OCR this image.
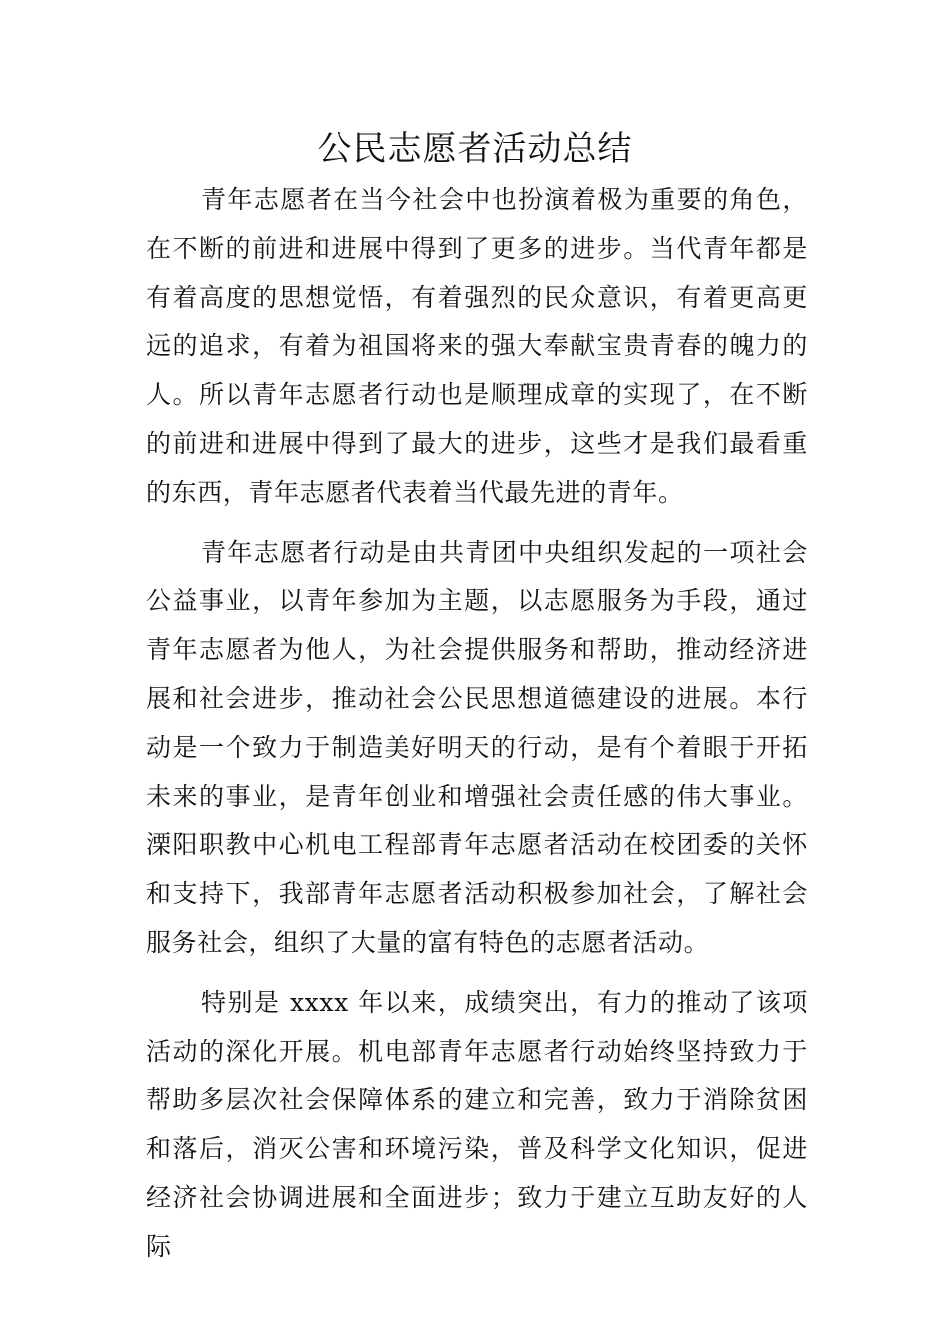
公民志愿者活动总结

青年志愿者在当今社会中也扮演着极为重要的角色，在不断的前进和进展中得到了更多的进步。当代青年都是有着高度的思想觉悟，有着强烈的民众意识，有着更高更远的追求，有着为祖国将来的强大奉献宝贵青春的魄力的人。所以青年志愿者行动也是顺理成章的实现了，在不断的前进和进展中得到了最大的进步，这些才是我们最看重的东西，青年志愿者代表着当代最先进的青年。

青年志愿者行动是由共青团中央组织发起的一项社会公益事业，以青年参加为主题，以志愿服务为手段，通过青年志愿者为他人，为社会提供服务和帮助，推动经济进展和社会进步，推动社会公民思想道德建设的进展。本行动是一个致力于制造美好明天的行动，是有个着眼于开拓未来的事业，是青年创业和增强社会责任感的伟大事业。溧阳职教中心机电工程部青年志愿者活动在校团委的关怀和支持下，我部青年志愿者活动积极参加社会，了解社会服务社会，组织了大量的富有特色的志愿者活动。

特别是 xxxx 年以来，成绩突出，有力的推动了该项活动的深化开展。机电部青年志愿者行动始终坚持致力于帮助多层次社会保障体系的建立和完善，致力于消除贫困和落后，消灭公害和环境污染，普及科学文化知识，促进经济社会协调进展和全面进步；致力于建立互助友好的人际
